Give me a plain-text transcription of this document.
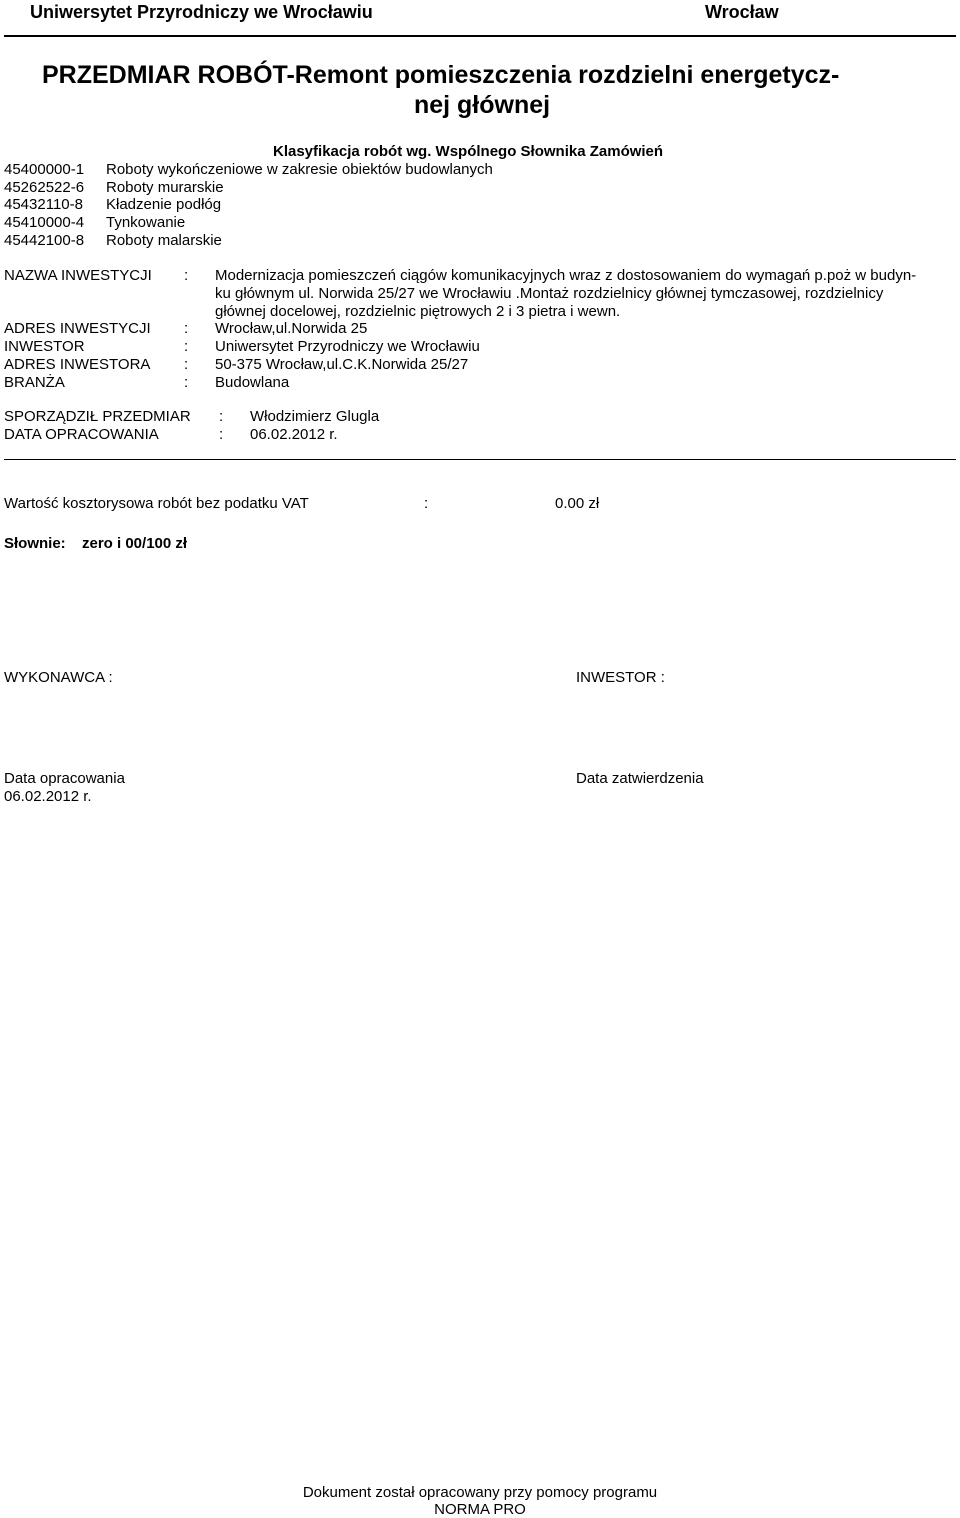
Uniwersytet Przyrodniczy we Wrocławiu	Wrocław
PRZEDMIAR ROBÓT-Remont pomieszczenia rozdzielni energetycz-
nej głównej
Klasyfikacja robót wg. Wspólnego Słownika Zamówień
45400000-1 Roboty wykończeniowe w zakresie obiektów budowlanych
45262522-6 Roboty murarskie
45432110-8 Kładzenie podłóg
45410000-4 Tynkowanie
45442100-8 Roboty malarskie
NAZWA INWESTYCJI : Modernizacja pomieszczeń ciągów komunikacyjnych wraz z dostosowaniem do wymagań p.poż w budyn-
ku głównym ul. Norwida 25/27 we Wrocławiu .Montaż rozdzielnicy głównej tymczasowej, rozdzielnicy
głównej docelowej, rozdzielnic piętrowych 2 i 3 pietra i wewn.
ADRES INWESTYCJI : Wrocław,ul.Norwida 25
INWESTOR	: Uniwersytet Przyrodniczy we Wrocławiu
ADRES INWESTORA : 50-375 Wrocław,ul.C.K.Norwida 25/27
BRANŻA	: Budowlana
SPORZĄDZIŁ PRZEDMIAR : Włodzimierz Glugla
DATA OPRACOWANIA	: 06.02.2012 r.
Wartość kosztorysowa robót bez podatku VAT	:	0.00 zł
Słownie: zero i 00/100 zł
WYKONAWCA :	INWESTOR :
Data opracowania
06.02.2012 r.
Data zatwierdzenia
Dokument został opracowany przy pomocy programu
NORMA PRO
